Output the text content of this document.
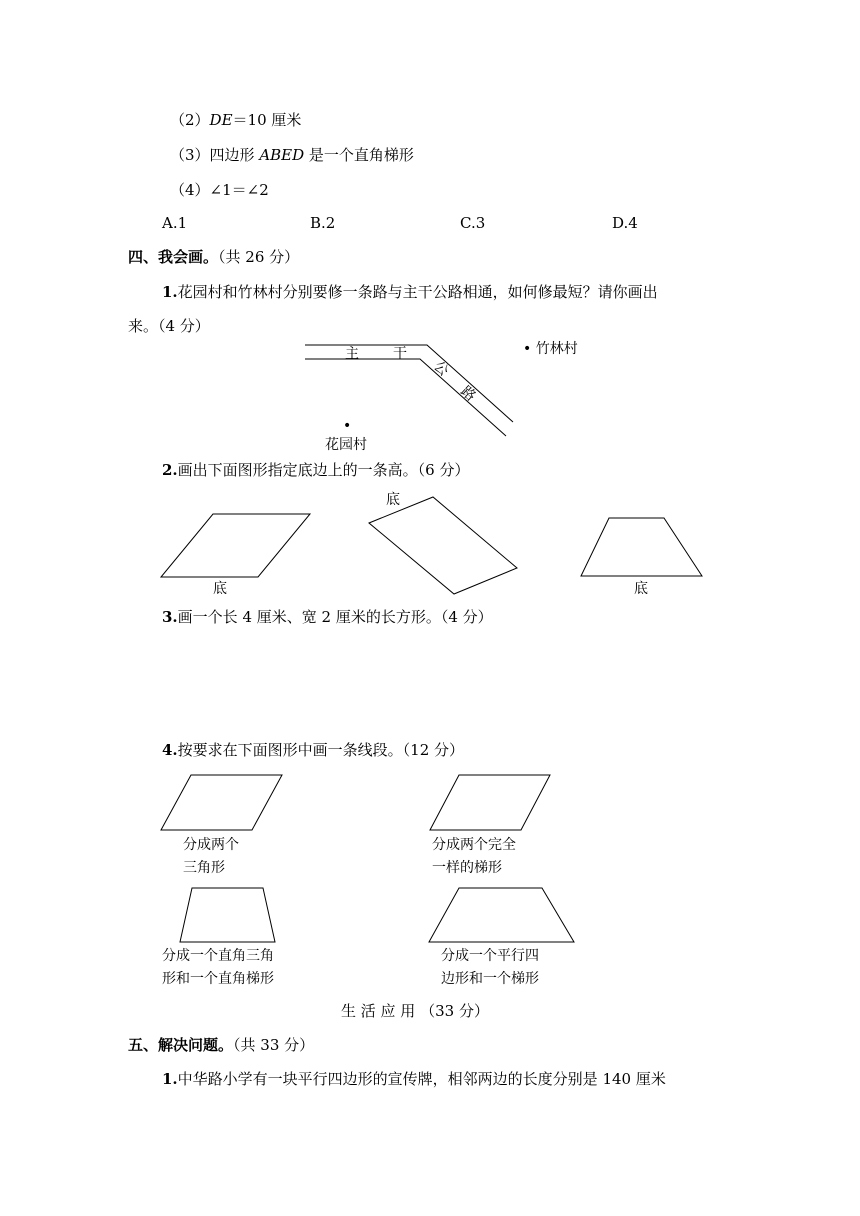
（2）DE＝10 厘米
（3）四边形 ABED 是一个直角梯形
（4）∠1＝∠2
A.1	B.2	C.3	D.4
四、我会画。（共 26 分）
1.花园村和竹林村分别要修一条路与主干公路相通，如何修最短？请你画出
来。（4 分）
主 干
公
路
• 竹林村
•
花园村
2.画出下面图形指定底边上的一条高。（6 分）
底
底
底
3.画一个长 4 厘米、宽 2 厘米的长方形。（4 分）
4.按要求在下面图形中画一条线段。（12 分）
分成两个
三角形
分成两个完全
一样的梯形
分成一个直角三角
形和一个直角梯形
分成一个平行四
边形和一个梯形
生 活 应 用 （33 分）
五、解决问题。（共 33 分）
1.中华路小学有一块平行四边形的宣传牌，相邻两边的长度分别是 140 厘米
